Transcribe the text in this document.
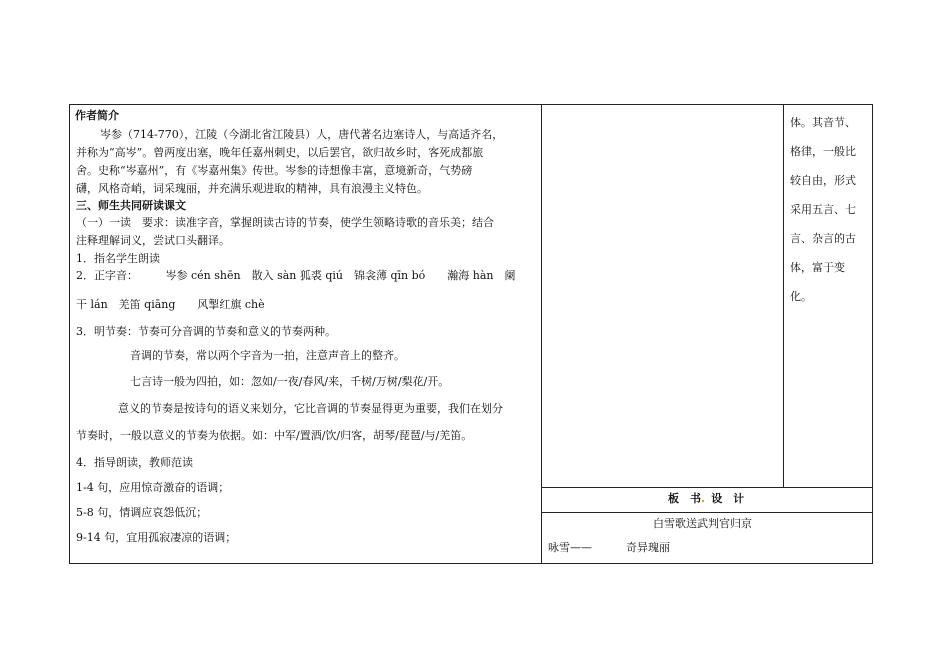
作者简介
岑参（714-770），江陵（今湖北省江陵县）人，唐代著名边塞诗人，与高适齐名，
并称为“高岑”。曾两度出塞，晚年任嘉州刺史，以后罢官，欲归故乡时，客死成都旅
舍。史称“岑嘉州”，有《岑嘉州集》传世。岑参的诗想像丰富，意境新奇，气势磅
礴，风格奇峭，词采瑰丽，并充满乐观进取的精神，具有浪漫主义特色。
三、师生共同研读课文
（一）一读　要求：读准字音，掌握朗读古诗的节奏，使学生领略诗歌的音乐美；结合
注释理解词义，尝试口头翻译。
1．指名学生朗读
2．正字音：　　　岑参 cén shēn　散入 sàn 狐裘 qiú　锦衾薄 qīn bó　　瀚海 hàn　阑
干 lán　羌笛 qiāng　　风掣红旗 chè
3．明节奏：节奏可分音调的节奏和意义的节奏两种。
音调的节奏，常以两个字音为一拍，注意声音上的整齐。
七言诗一般为四拍，如：忽如/一夜/春风/来，千树/万树/梨花/开。
意义的节奏是按诗句的语义来划分，它比音调的节奏显得更为重要，我们在划分
节奏时，一般以意义的节奏为依据。如：中军/置酒/饮/归客，胡琴/琵琶/与/羌笛。
4．指导朗读，教师范读
1-4 句，应用惊奇激奋的语调；
5-8 句，情调应哀怨低沉；
9-14 句，宜用孤寂凄凉的语调；
体。其音节、
格律，一般比
较自由，形式
采用五言、七
言、杂言的古
体，富于变
化。
板　书. 设　计
白雪歌送武判官归京
咏雪——	奇异瑰丽
